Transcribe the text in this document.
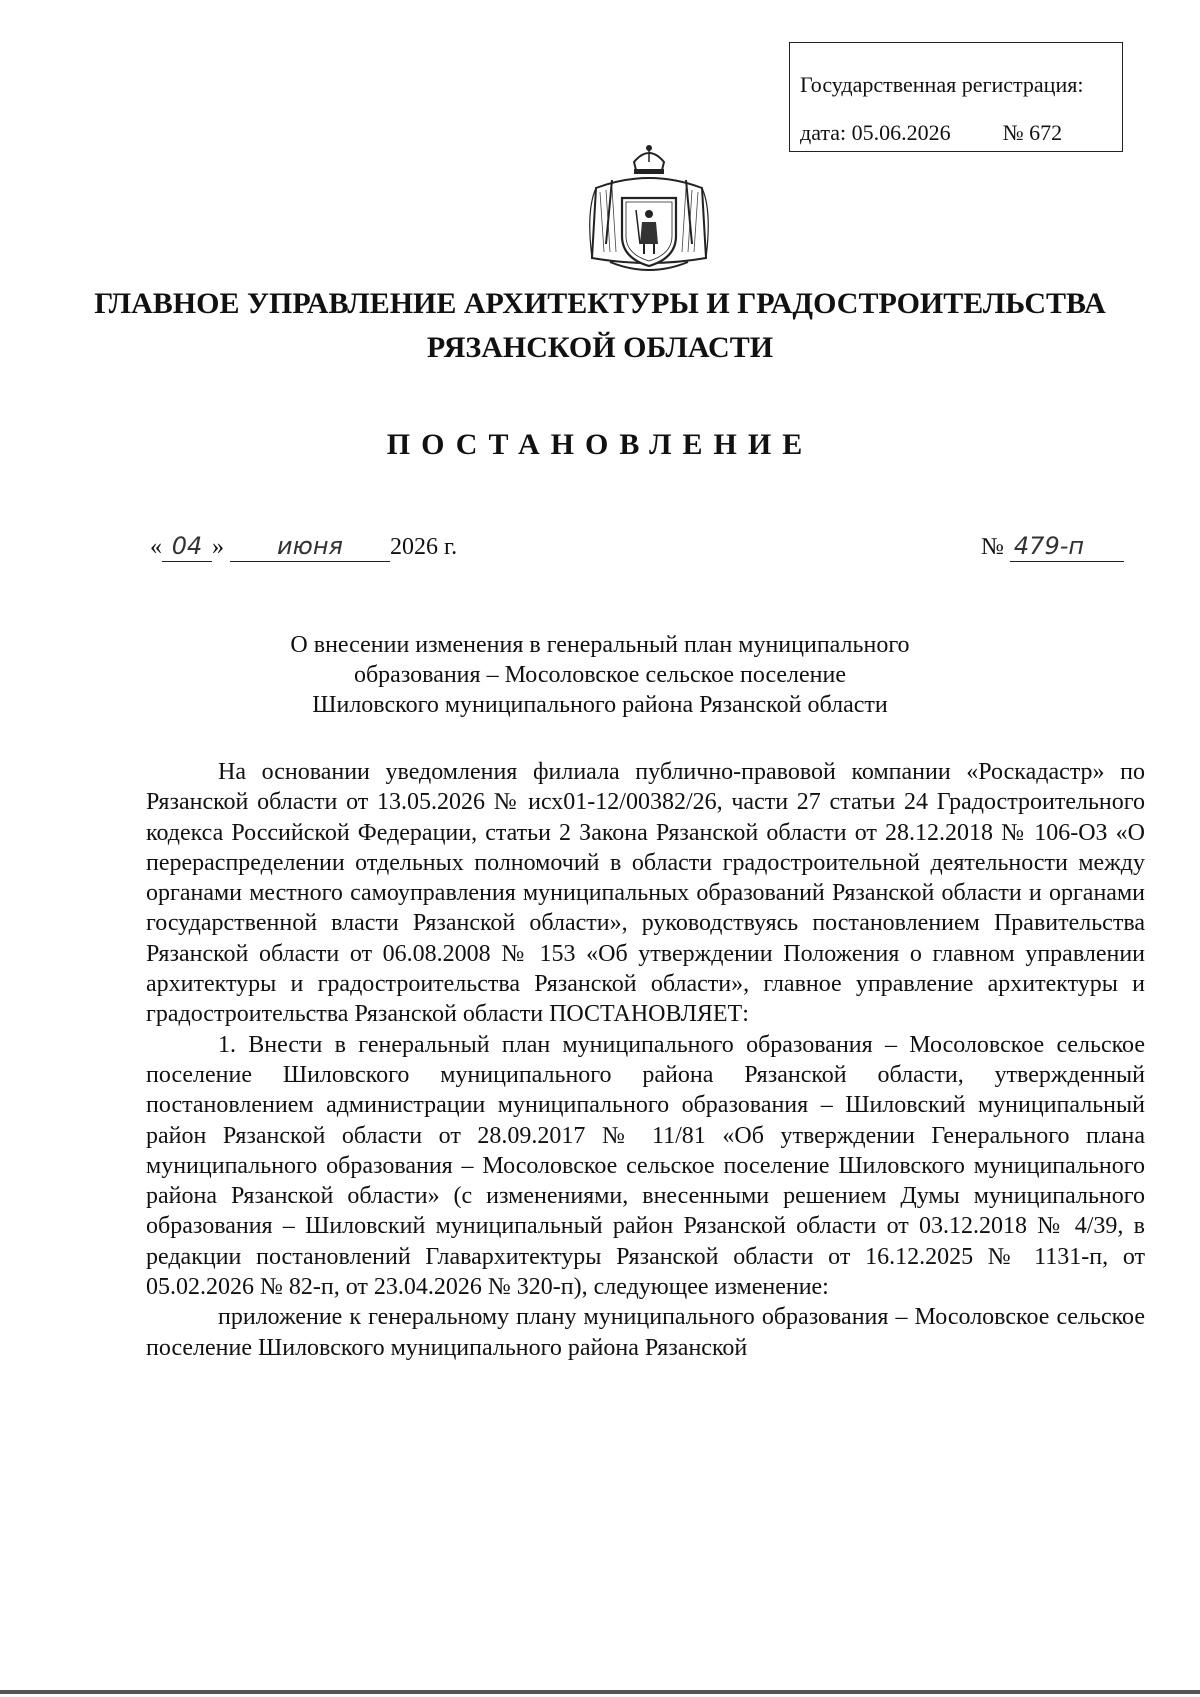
Государственная регистрация:
дата: 05.06.2026 № 672
ГЛАВНОЕ УПРАВЛЕНИЕ АРХИТЕКТУРЫ И ГРАДОСТРОИТЕЛЬСТВА
РЯЗАНСКОЙ ОБЛАСТИ
ПОСТАНОВЛЕНИЕ
« 04 » июня 2026 г.	№ 479-п
О внесении изменения в генеральный план муниципального
образования – Мосоловское сельское поселение
Шиловского муниципального района Рязанской области

На основании уведомления филиала публично-правовой компании «Роскадастр» по Рязанской области от 13.05.2026 № исх01-12/00382/26, части 27 статьи 24 Градостроительного кодекса Российской Федерации, статьи 2 Закона Рязанской области от 28.12.2018 № 106-ОЗ «О перераспределении отдельных полномочий в области градостроительной деятельности между органами местного самоуправления муниципальных образований Рязанской области и органами государственной власти Рязанской области», руководствуясь постановлением Правительства Рязанской области от 06.08.2008 № 153 «Об утверждении Положения о главном управлении архитектуры и градостроительства Рязанской области», главное управление архитектуры и градостроительства Рязанской области ПОСТАНОВЛЯЕТ:

1. Внести в генеральный план муниципального образования – Мосоловское сельское поселение Шиловского муниципального района Рязанской области, утвержденный постановлением администрации муниципального образования – Шиловский муниципальный район Рязанской области от 28.09.2017 № 11/81 «Об утверждении Генерального плана муниципального образования – Мосоловское сельское поселение Шиловского муниципального района Рязанской области» (с изменениями, внесенными решением Думы муниципального образования – Шиловский муниципальный район Рязанской области от 03.12.2018 № 4/39, в редакции постановлений Главархитектуры Рязанской области от 16.12.2025 № 1131-п, от 05.02.2026 № 82-п, от 23.04.2026 № 320-п), следующее изменение:

приложение к генеральному плану муниципального образования – Мосоловское сельское поселение Шиловского муниципального района Рязанской
